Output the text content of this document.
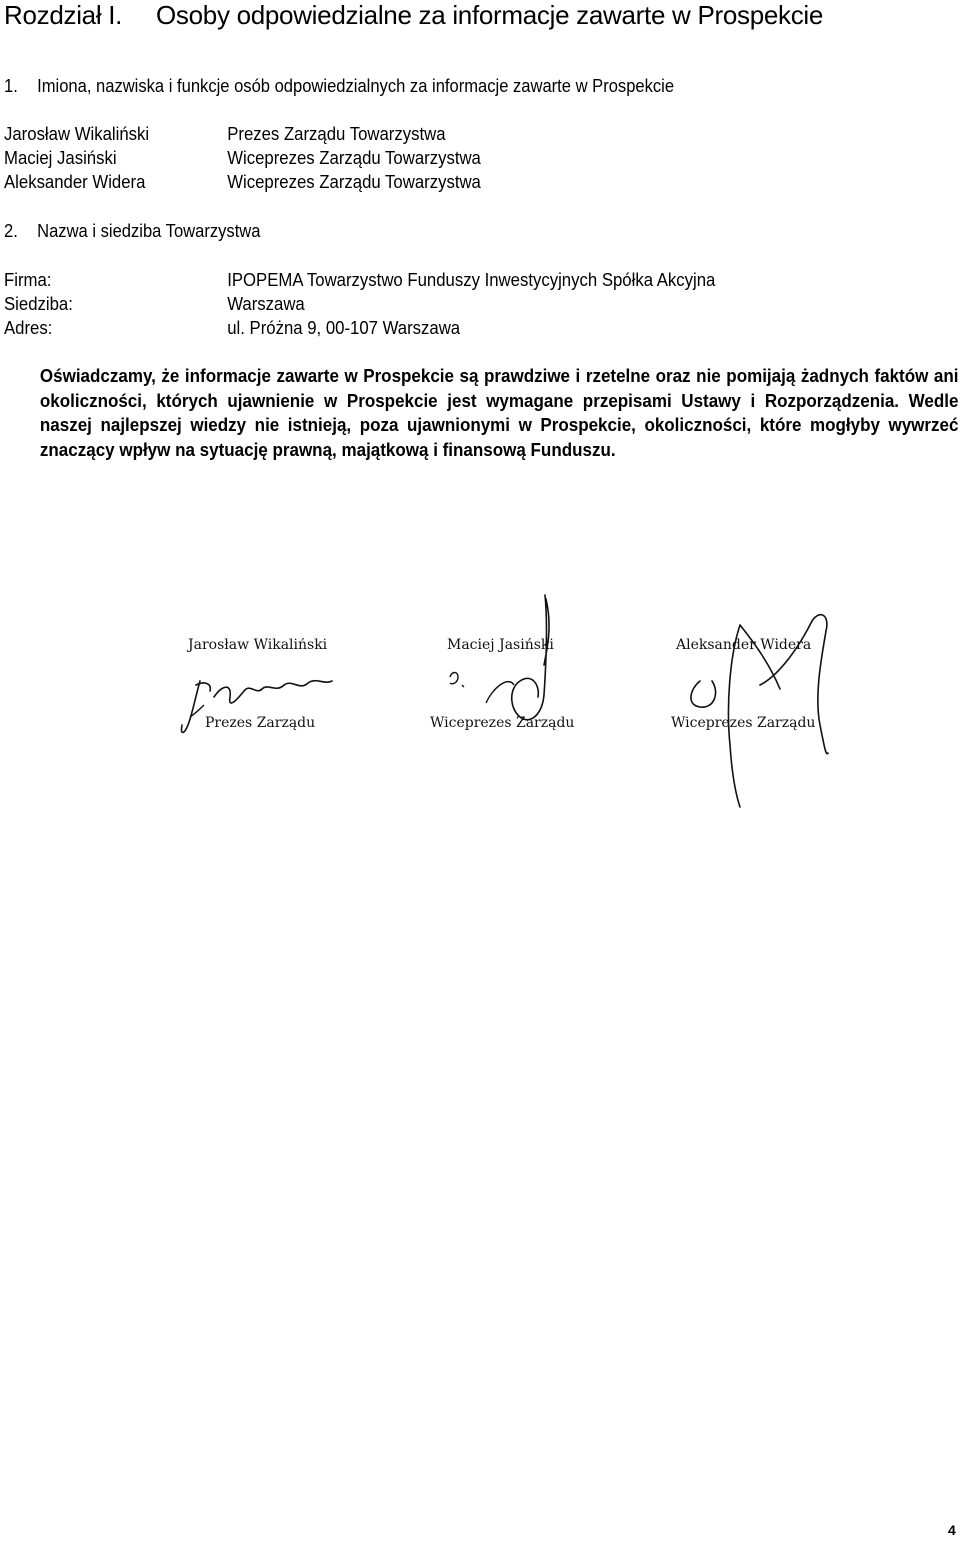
Rozdział I. Osoby odpowiedzialne za informacje zawarte w Prospekcie
1. Imiona, nazwiska i funkcje osób odpowiedzialnych za informacje zawarte w Prospekcie
Jarosław Wikaliński	Prezes Zarządu Towarzystwa
Maciej Jasiński	Wiceprezes Zarządu Towarzystwa
Aleksander Widera	Wiceprezes Zarządu Towarzystwa
2. Nazwa i siedziba Towarzystwa
Firma:	IPOPEMA Towarzystwo Funduszy Inwestycyjnych Spółka Akcyjna
Siedziba:	Warszawa
Adres:	ul. Próżna 9, 00-107 Warszawa
Oświadczamy, że informacje zawarte w Prospekcie są prawdziwe i rzetelne oraz nie pomijają żadnych faktów ani okoliczności, których ujawnienie w Prospekcie jest wymagane przepisami Ustawy i Rozporządzenia. Wedle naszej najlepszej wiedzy nie istnieją, poza ujawnionymi w Prospekcie, okoliczności, które mogłyby wywrzeć znaczący wpływ na sytuację prawną, majątkową i finansową Funduszu.
Jarosław Wikaliński
Prezes Zarządu
Maciej Jasiński
Wiceprezes Zarządu
Aleksander Widera
Wiceprezes Zarządu
4
